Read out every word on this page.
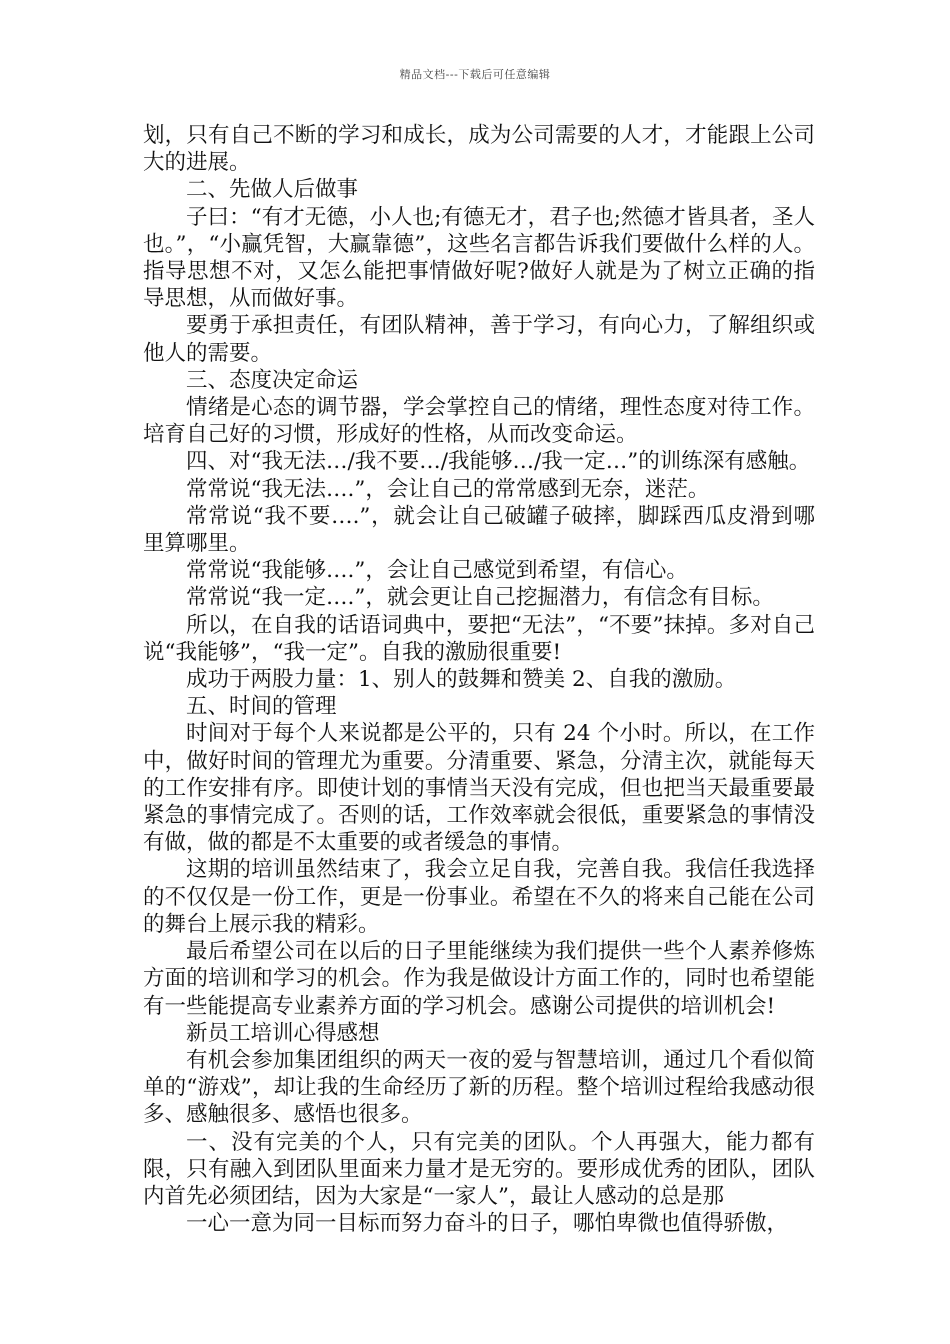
精品文档---下载后可任意编辑

划，只有自己不断的学习和成长，成为公司需要的人才，才能跟上公司大的进展。

二、先做人后做事

子曰：“有才无德，小人也;有德无才，君子也;然德才皆具者，圣人也。”，“小赢凭智，大赢靠德”，这些名言都告诉我们要做什么样的人。指导思想不对，又怎么能把事情做好呢?做好人就是为了树立正确的指导思想，从而做好事。

要勇于承担责任，有团队精神，善于学习，有向心力，了解组织或他人的需要。

三、态度决定命运

情绪是心态的调节器，学会掌控自己的情绪，理性态度对待工作。培育自己好的习惯，形成好的性格，从而改变命运。

四、对“我无法…/我不要…/我能够…/我一定…”的训练深有感触。

常常说“我无法….”，会让自己的常常感到无奈，迷茫。

常常说“我不要….”，就会让自己破罐子破摔，脚踩西瓜皮滑到哪里算哪里。

常常说“我能够….”，会让自己感觉到希望，有信心。

常常说“我一定….”，就会更让自己挖掘潜力，有信念有目标。

所以，在自我的话语词典中，要把“无法”，“不要”抹掉。多对自己说“我能够”，“我一定”。自我的激励很重要!

成功于两股力量：1、别人的鼓舞和赞美 2、自我的激励。

五、时间的管理

时间对于每个人来说都是公平的，只有 24 个小时。所以，在工作中，做好时间的管理尤为重要。分清重要、紧急，分清主次，就能每天的工作安排有序。即使计划的事情当天没有完成，但也把当天最重要最紧急的事情完成了。否则的话，工作效率就会很低，重要紧急的事情没有做，做的都是不太重要的或者缓急的事情。

这期的培训虽然结束了，我会立足自我，完善自我。我信任我选择的不仅仅是一份工作，更是一份事业。希望在不久的将来自己能在公司的舞台上展示我的精彩。

最后希望公司在以后的日子里能继续为我们提供一些个人素养修炼方面的培训和学习的机会。作为我是做设计方面工作的，同时也希望能有一些能提高专业素养方面的学习机会。感谢公司提供的培训机会!

新员工培训心得感想

有机会参加集团组织的两天一夜的爱与智慧培训，通过几个看似简单的“游戏”，却让我的生命经历了新的历程。整个培训过程给我感动很多、感触很多、感悟也很多。

一、没有完美的个人，只有完美的团队。个人再强大，能力都有限，只有融入到团队里面来力量才是无穷的。要形成优秀的团队，团队内首先必须团结，因为大家是“一家人”，最让人感动的总是那

一心一意为同一目标而努力奋斗的日子，哪怕卑微也值得骄傲，
